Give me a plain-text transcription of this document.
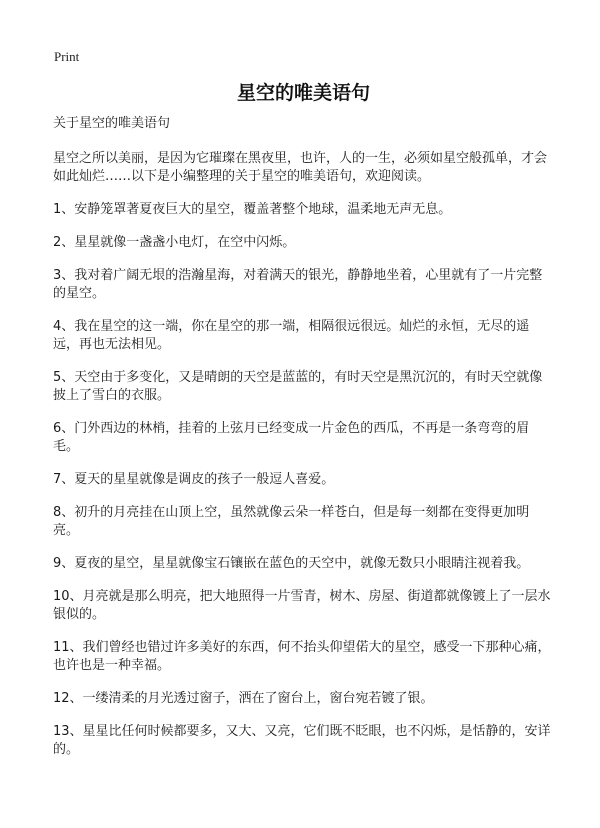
Print
星空的唯美语句
关于星空的唯美语句
星空之所以美丽，是因为它璀璨在黑夜里，也许，人的一生，必须如星空般孤单，才会如此灿烂……以下是小编整理的关于星空的唯美语句，欢迎阅读。
1、安静笼罩著夏夜巨大的星空，覆盖著整个地球，温柔地无声无息。
2、星星就像一盏盏小电灯，在空中闪烁。
3、我对着广阔无垠的浩瀚星海，对着满天的银光，静静地坐着，心里就有了一片完整的星空。
4、我在星空的这一端，你在星空的那一端，相隔很远很远。灿烂的永恒，无尽的遥远，再也无法相见。
5、天空由于多变化，又是晴朗的天空是蓝蓝的，有时天空是黑沉沉的，有时天空就像披上了雪白的衣服。
6、门外西边的林梢，挂着的上弦月已经变成一片金色的西瓜，不再是一条弯弯的眉毛。
7、夏天的星星就像是调皮的孩子一般逗人喜爱。
8、初升的月亮挂在山顶上空，虽然就像云朵一样苍白，但是每一刻都在变得更加明亮。
9、夏夜的星空，星星就像宝石镶嵌在蓝色的天空中，就像无数只小眼睛注视着我。
10、月亮就是那么明亮，把大地照得一片雪青，树木、房屋、街道都就像镀上了一层水银似的。
11、我们曾经也错过许多美好的东西，何不抬头仰望偌大的星空，感受一下那种心痛，也许也是一种幸福。
12、一缕清柔的月光透过窗子，洒在了窗台上，窗台宛若镀了银。
13、星星比任何时候都要多，又大、又亮，它们既不眨眼，也不闪烁，是恬静的，安详的。
